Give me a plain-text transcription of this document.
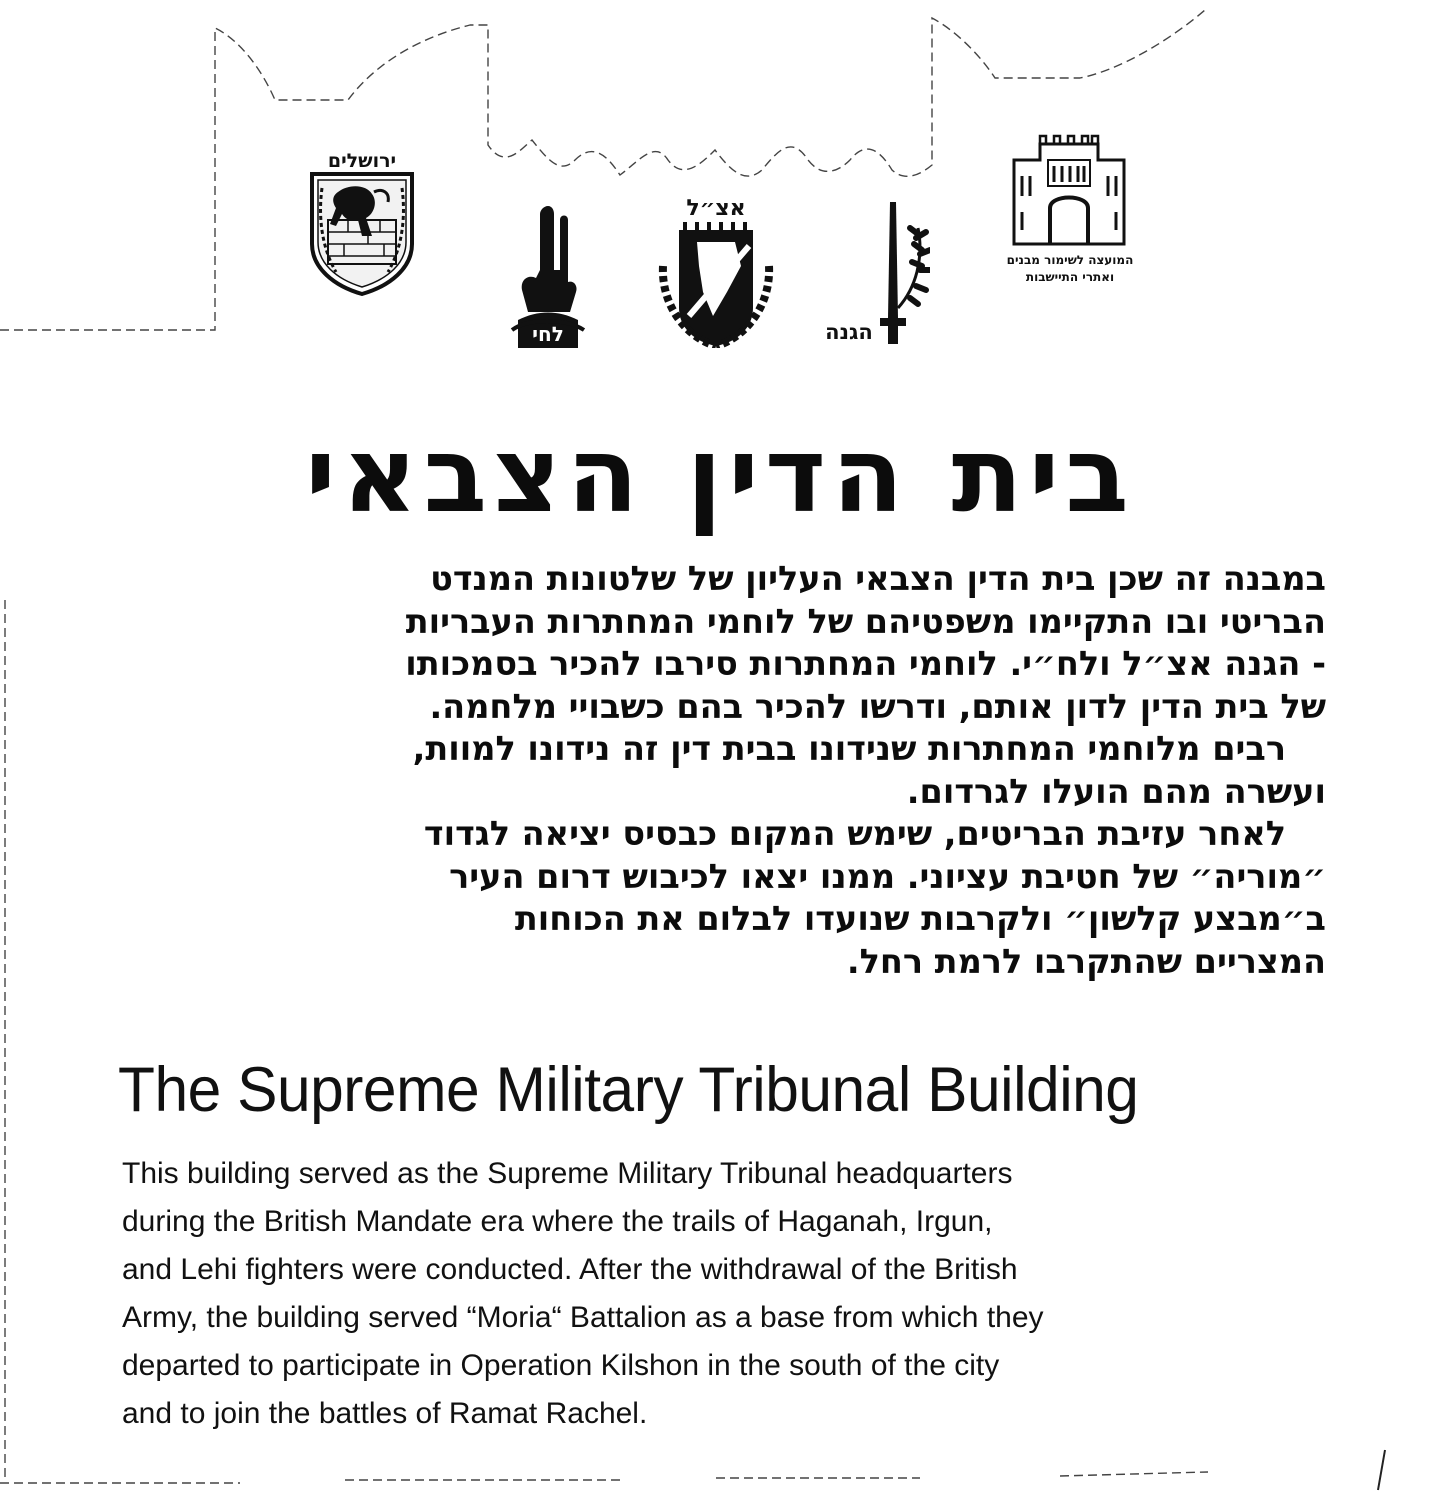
ירושלים
לחי
אצ״ל
הגנה
המועצה לשימור מבנים
ואתרי התיישבות
בית הדין הצבאי
במבנה זה שכן בית הדין הצבאי העליון של שלטונות המנדט
הבריטי ובו התקיימו משפטיהם של לוחמי המחתרות העבריות
- הגנה אצ״ל ולח״י. לוחמי המחתרות סירבו להכיר בסמכותו
של בית הדין לדון אותם, ודרשו להכיר בהם כשבויי מלחמה.
רבים מלוחמי המחתרות שנידונו בבית דין זה נידונו למוות,
ועשרה מהם הועלו לגרדום.
לאחר עזיבת הבריטים, שימש המקום כבסיס יציאה לגדוד
״מוריה״ של חטיבת עציוני. ממנו יצאו לכיבוש דרום העיר
ב״מבצע קלשון״ ולקרבות שנועדו לבלום את הכוחות
המצריים שהתקרבו לרמת רחל.
The Supreme Military Tribunal Building
This building served as the Supreme Military Tribunal headquarters
during the British Mandate era where the trails of Haganah, Irgun,
and Lehi fighters were conducted. After the withdrawal of the British
Army, the building served “Moria“ Battalion as a base from which they
departed to participate in Operation Kilshon in the south of the city
and to join the battles of Ramat Rachel.
